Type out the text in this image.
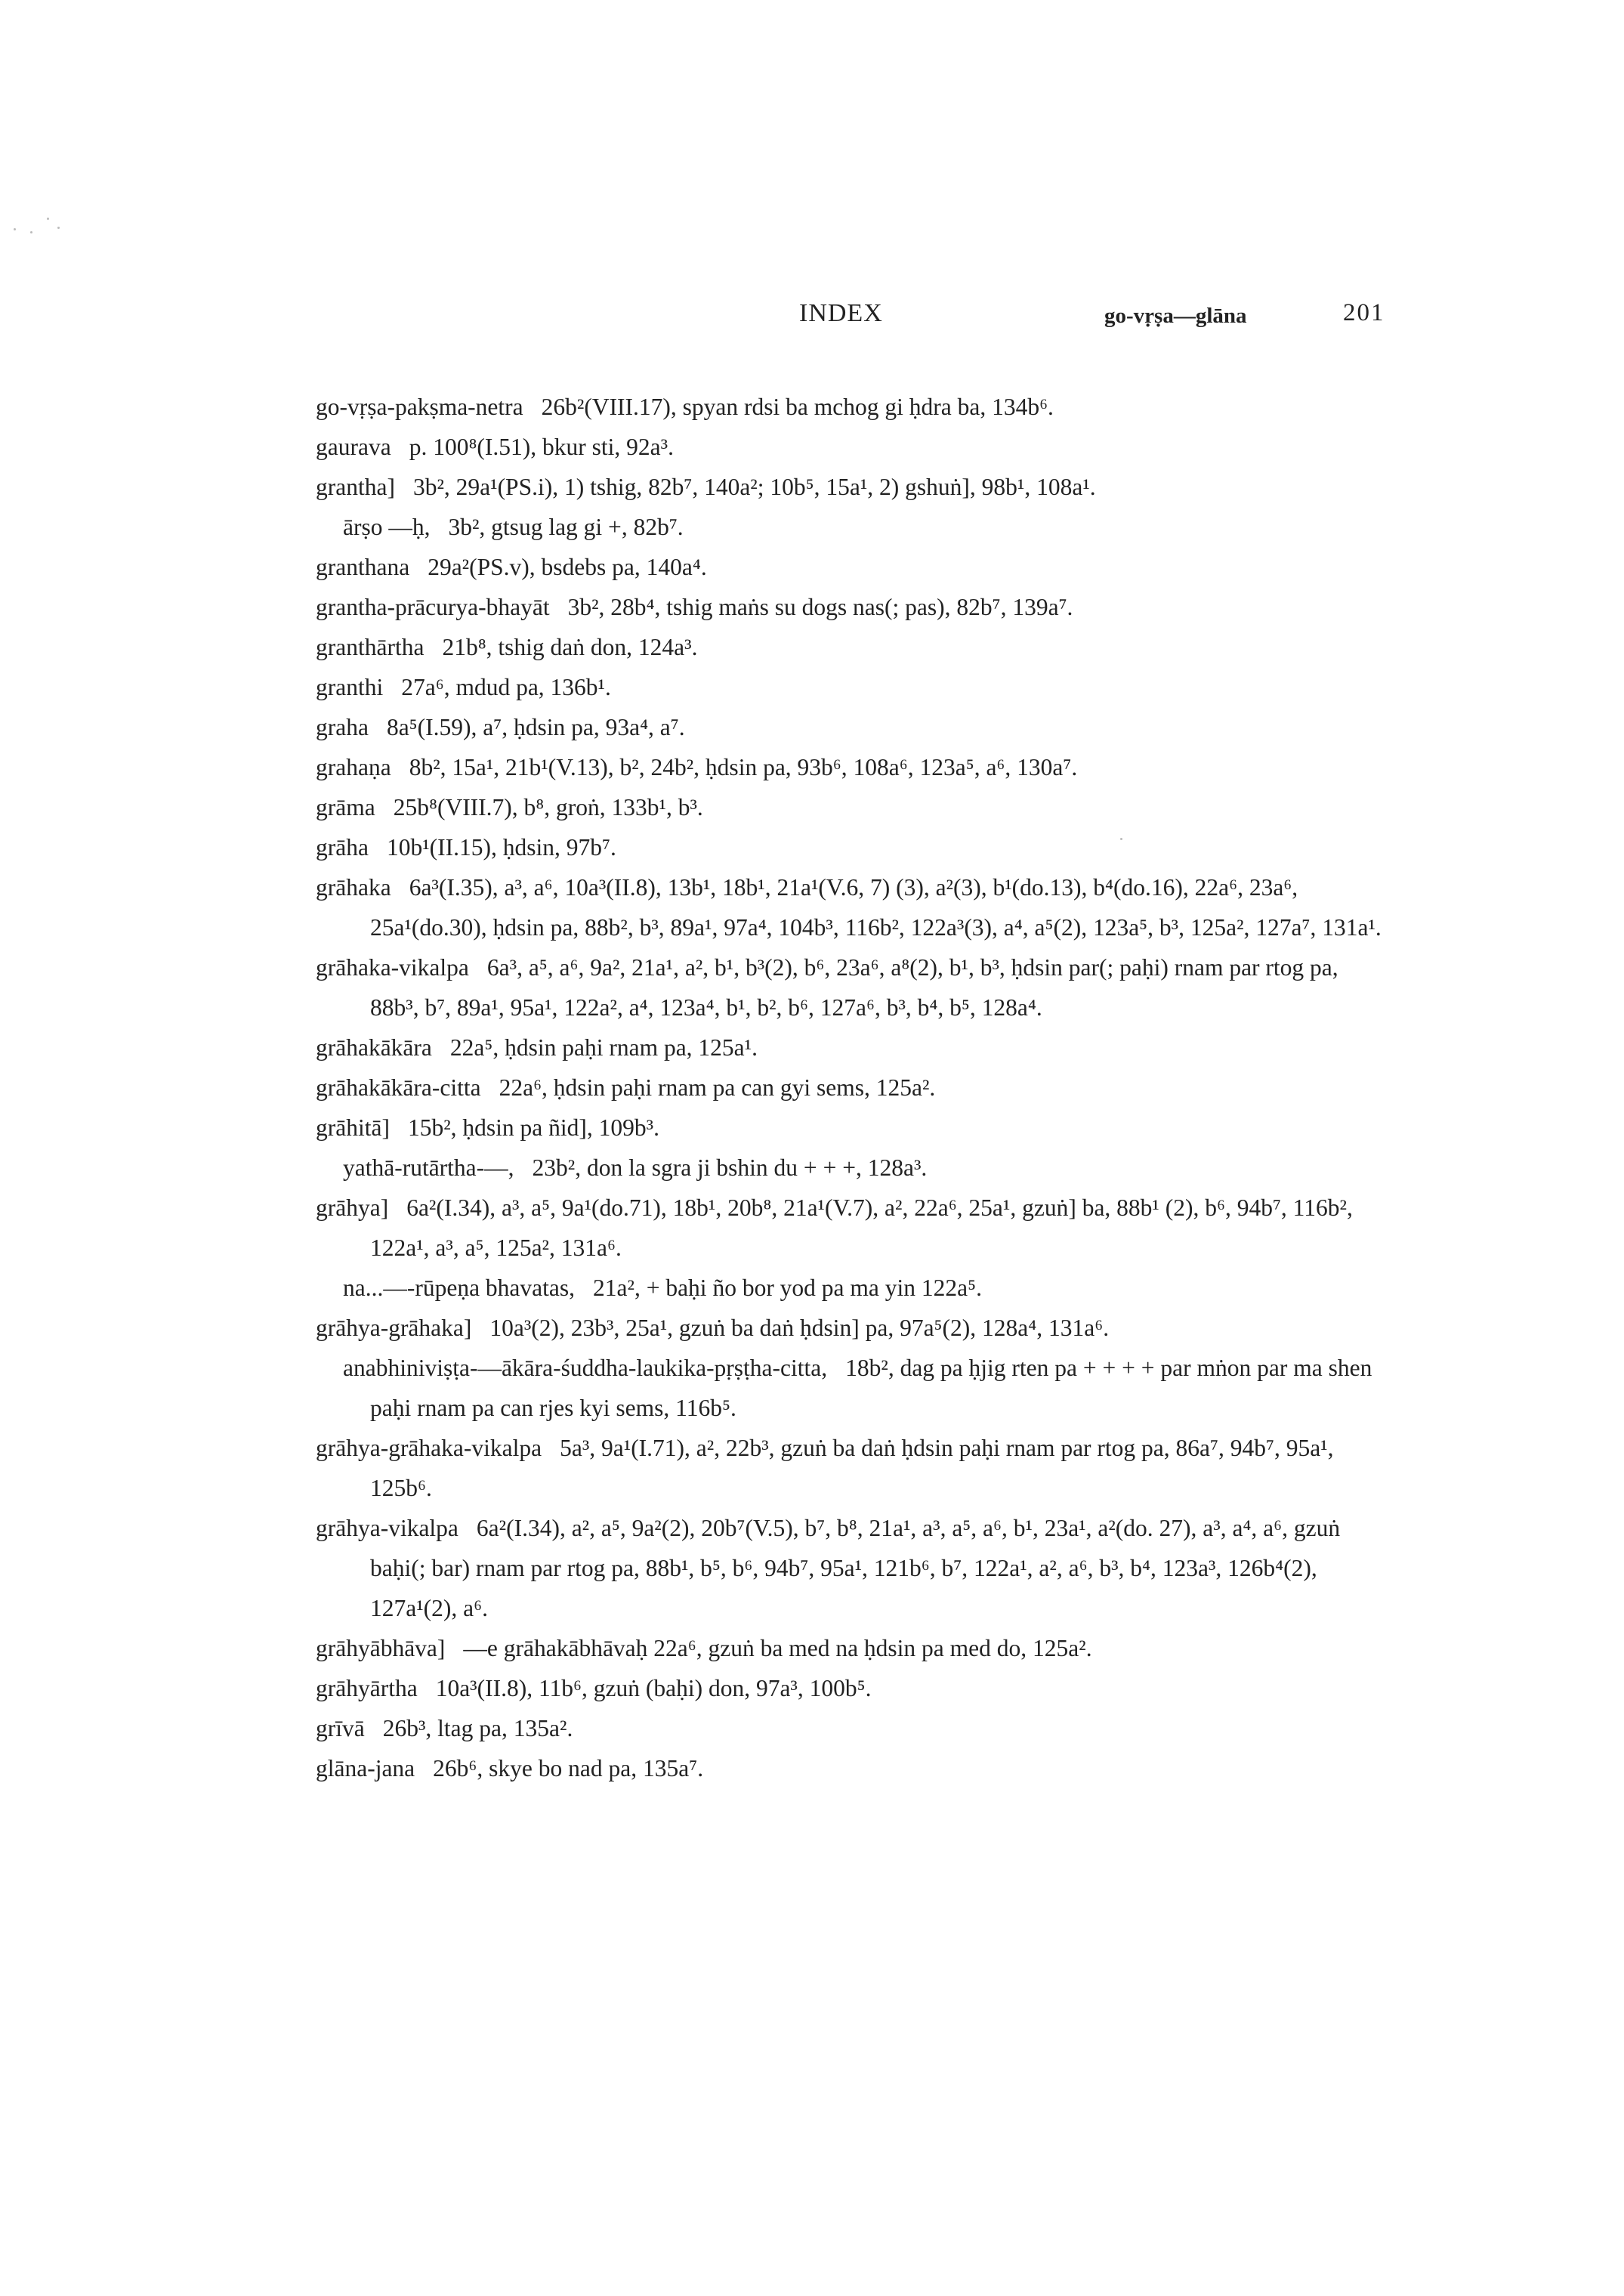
INDEX	go-vṛṣa—glāna	201
go-vṛṣa-pakṣma-netra 26b²(VIII.17), spyan rdsi ba mchog gi ḥdra ba, 134b⁶.
gaurava p. 100⁸(I.51), bkur sti, 92a³.
grantha] 3b², 29a¹(PS.i), 1) tshig, 82b⁷, 140a²; 10b⁵, 15a¹, 2) gshuṅ], 98b¹, 108a¹.
ārṣo —ḥ, 3b², gtsug lag gi +, 82b⁷.
granthana 29a²(PS.v), bsdebs pa, 140a⁴.
grantha-prācurya-bhayāt 3b², 28b⁴, tshig maṅs su dogs nas(; pas), 82b⁷, 139a⁷.
granthārtha 21b⁸, tshig daṅ don, 124a³.
granthi 27a⁶, mdud pa, 136b¹.
graha 8a⁵(I.59), a⁷, ḥdsin pa, 93a⁴, a⁷.
grahaṇa 8b², 15a¹, 21b¹(V.13), b², 24b², ḥdsin pa, 93b⁶, 108a⁶, 123a⁵, a⁶, 130a⁷.
grāma 25b⁸(VIII.7), b⁸, groṅ, 133b¹, b³.
grāha 10b¹(II.15), ḥdsin, 97b⁷.
grāhaka 6a³(I.35), a³, a⁶, 10a³(II.8), 13b¹, 18b¹, 21a¹(V.6, 7) (3), a²(3), b¹(do.13), b⁴(do.16), 22a⁶, 23a⁶, 25a¹(do.30), ḥdsin pa, 88b², b³, 89a¹, 97a⁴, 104b³, 116b², 122a³(3), a⁴, a⁵(2), 123a⁵, b³, 125a², 127a⁷, 131a¹.
grāhaka-vikalpa 6a³, a⁵, a⁶, 9a², 21a¹, a², b¹, b³(2), b⁶, 23a⁶, a⁸(2), b¹, b³, ḥdsin par(; paḥi) rnam par rtog pa, 88b³, b⁷, 89a¹, 95a¹, 122a², a⁴, 123a⁴, b¹, b², b⁶, 127a⁶, b³, b⁴, b⁵, 128a⁴.
grāhakākāra 22a⁵, ḥdsin paḥi rnam pa, 125a¹.
grāhakākāra-citta 22a⁶, ḥdsin paḥi rnam pa can gyi sems, 125a².
grāhitā] 15b², ḥdsin pa ñid], 109b³.
yathā-rutārtha-—, 23b², don la sgra ji bshin du + + +, 128a³.
grāhya] 6a²(I.34), a³, a⁵, 9a¹(do.71), 18b¹, 20b⁸, 21a¹(V.7), a², 22a⁶, 25a¹, gzuṅ] ba, 88b¹ (2), b⁶, 94b⁷, 116b², 122a¹, a³, a⁵, 125a², 131a⁶.
na...—-rūpeṇa bhavatas, 21a², + baḥi ño bor yod pa ma yin 122a⁵.
grāhya-grāhaka] 10a³(2), 23b³, 25a¹, gzuṅ ba daṅ ḥdsin] pa, 97a⁵(2), 128a⁴, 131a⁶.
anabhiniviṣṭa-—ākāra-śuddha-laukika-pṛṣṭha-citta, 18b², dag pa ḥjig rten pa + + + + par mṅon par ma shen paḥi rnam pa can rjes kyi sems, 116b⁵.
grāhya-grāhaka-vikalpa 5a³, 9a¹(I.71), a², 22b³, gzuṅ ba daṅ ḥdsin paḥi rnam par rtog pa, 86a⁷, 94b⁷, 95a¹, 125b⁶.
grāhya-vikalpa 6a²(I.34), a², a⁵, 9a²(2), 20b⁷(V.5), b⁷, b⁸, 21a¹, a³, a⁵, a⁶, b¹, 23a¹, a²(do. 27), a³, a⁴, a⁶, gzuṅ baḥi(; bar) rnam par rtog pa, 88b¹, b⁵, b⁶, 94b⁷, 95a¹, 121b⁶, b⁷, 122a¹, a², a⁶, b³, b⁴, 123a³, 126b⁴(2), 127a¹(2), a⁶.
grāhyābhāva] —e grāhakābhāvaḥ 22a⁶, gzuṅ ba med na ḥdsin pa med do, 125a².
grāhyārtha 10a³(II.8), 11b⁶, gzuṅ (baḥi) don, 97a³, 100b⁵.
grīvā 26b³, ltag pa, 135a².
glāna-jana 26b⁶, skye bo nad pa, 135a⁷.
